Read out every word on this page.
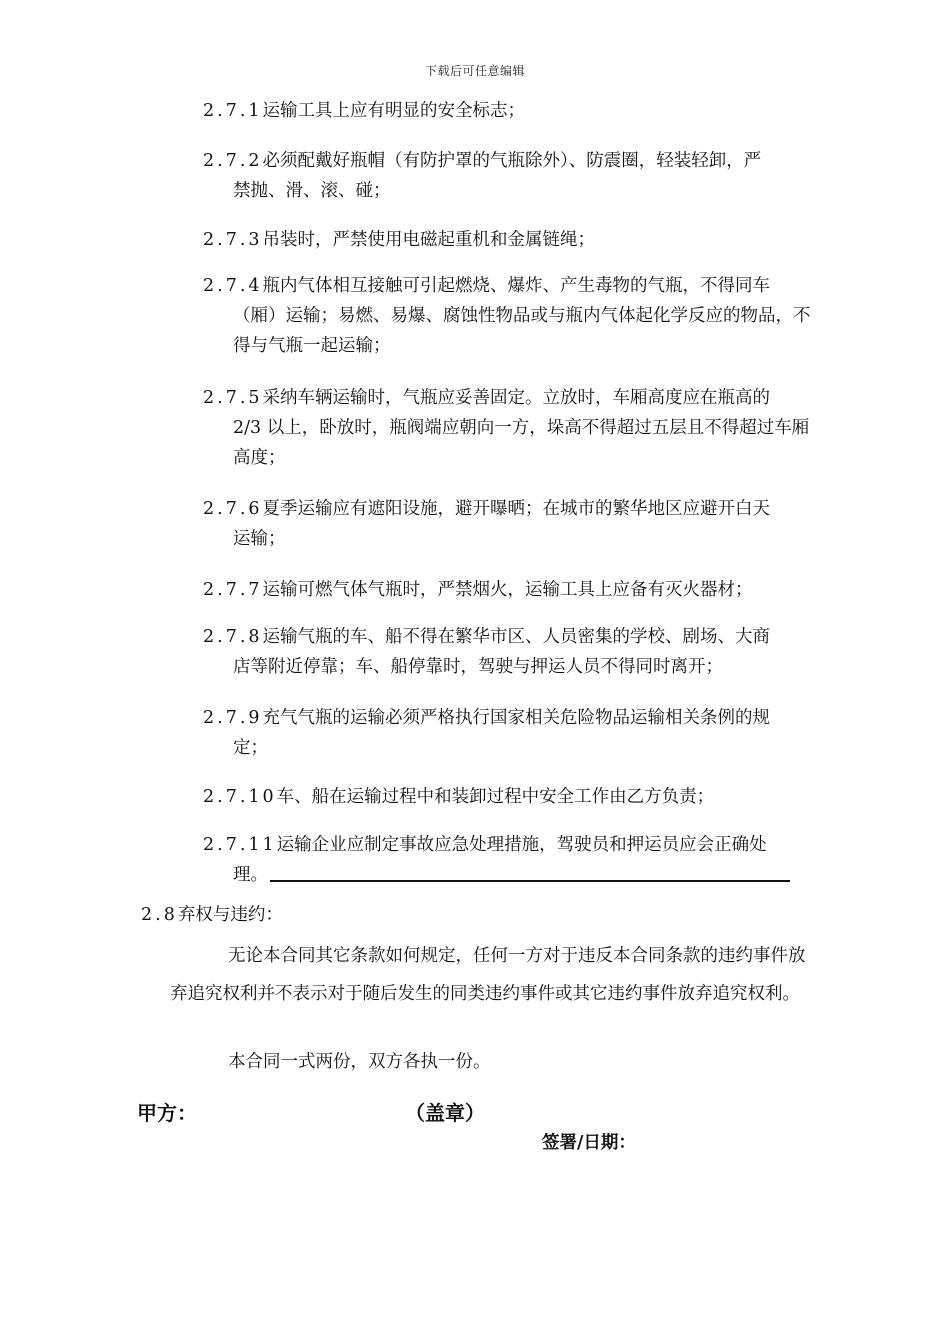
下载后可任意编辑
2.7.1运输工具上应有明显的安全标志；
2.7.2必须配戴好瓶帽（有防护罩的气瓶除外）、防震圈，轻装轻卸，严
禁抛、滑、滚、碰；
2.7.3吊装时，严禁使用电磁起重机和金属链绳；
2.7.4瓶内气体相互接触可引起燃烧、爆炸、产生毒物的气瓶，不得同车
（厢）运输；易燃、易爆、腐蚀性物品或与瓶内气体起化学反应的物品，不得与气瓶一起运输；
2.7.5采纳车辆运输时，气瓶应妥善固定。立放时，车厢高度应在瓶高的
2/3 以上，卧放时，瓶阀端应朝向一方，垛高不得超过五层且不得超过车厢高度；
2.7.6夏季运输应有遮阳设施，避开曝晒；在城市的繁华地区应避开白天
运输；
2.7.7运输可燃气体气瓶时，严禁烟火，运输工具上应备有灭火器材；
2.7.8运输气瓶的车、船不得在繁华市区、人员密集的学校、剧场、大商
店等附近停靠；车、船停靠时，驾驶与押运人员不得同时离开；
2.7.9充气气瓶的运输必须严格执行国家相关危险物品运输相关条例的规
定；
2.7.10车、船在运输过程中和装卸过程中安全工作由乙方负责；
2.7.11运输企业应制定事故应急处理措施，驾驶员和押运员应会正确处
理。
2.8弃权与违约：
无论本合同其它条款如何规定，任何一方对于违反本合同条款的违约事件放弃追究权利并不表示对于随后发生的同类违约事件或其它违约事件放弃追究权利。
本合同一式两份，双方各执一份。
甲方：	（盖章）
签署/日期：
